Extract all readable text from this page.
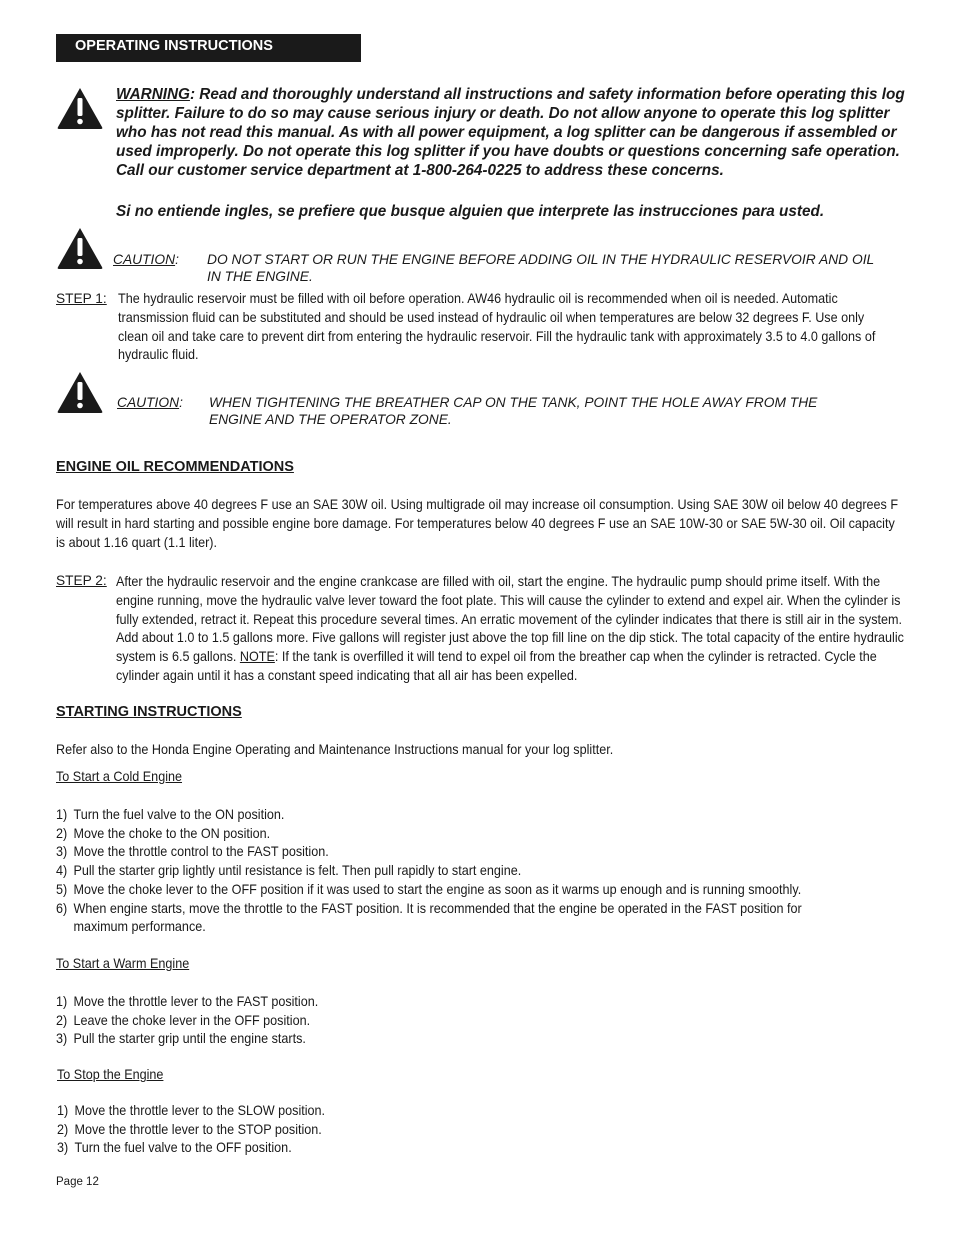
OPERATING INSTRUCTIONS
WARNING: Read and thoroughly understand all instructions and safety information before operating this log splitter. Failure to do so may cause serious injury or death. Do not allow anyone to operate this log splitter who has not read this manual. As with all power equipment, a log splitter can be dangerous if assembled or used improperly. Do not operate this log splitter if you have doubts or questions concerning safe operation. Call our customer service department at 1-800-264-0225 to address these concerns.
Si no entiende ingles, se prefiere que busque alguien que interprete las instrucciones para usted.
CAUTION: DO NOT START OR RUN THE ENGINE BEFORE ADDING OIL IN THE HYDRAULIC RESERVOIR AND OIL IN THE ENGINE.
STEP 1: The hydraulic reservoir must be filled with oil before operation. AW46 hydraulic oil is recommended when oil is needed. Automatic transmission fluid can be substituted and should be used instead of hydraulic oil when temperatures are below 32 degrees F. Use only clean oil and take care to prevent dirt from entering the hydraulic reservoir. Fill the hydraulic tank with approximately 3.5 to 4.0 gallons of hydraulic fluid.
CAUTION: WHEN TIGHTENING THE BREATHER CAP ON THE TANK, POINT THE HOLE AWAY FROM THE ENGINE AND THE OPERATOR ZONE.
ENGINE OIL RECOMMENDATIONS
For temperatures above 40 degrees F use an SAE 30W oil. Using multigrade oil may increase oil consumption. Using SAE 30W oil below 40 degrees F will result in hard starting and possible engine bore damage. For temperatures below 40 degrees F use an SAE 10W-30 or SAE 5W-30 oil. Oil capacity is about 1.16 quart (1.1 liter).
STEP 2: After the hydraulic reservoir and the engine crankcase are filled with oil, start the engine. The hydraulic pump should prime itself. With the engine running, move the hydraulic valve lever toward the foot plate. This will cause the cylinder to extend and expel air. When the cylinder is fully extended, retract it. Repeat this procedure several times. An erratic movement of the cylinder indicates that there is still air in the system. Add about 1.0 to 1.5 gallons more. Five gallons will register just above the top fill line on the dip stick. The total capacity of the entire hydraulic system is 6.5 gallons. NOTE: If the tank is overfilled it will tend to expel oil from the breather cap when the cylinder is retracted. Cycle the cylinder again until it has a constant speed indicating that all air has been expelled.
STARTING INSTRUCTIONS
Refer also to the Honda Engine Operating and Maintenance Instructions manual for your log splitter.
To Start a Cold Engine
1) Turn the fuel valve to the ON position.
2) Move the choke to the ON position.
3) Move the throttle control to the FAST position.
4) Pull the starter grip lightly until resistance is felt. Then pull rapidly to start engine.
5) Move the choke lever to the OFF position if it was used to start the engine as soon as it warms up enough and is running smoothly.
6) When engine starts, move the throttle to the FAST position. It is recommended that the engine be operated in the FAST position for maximum performance.
To Start a Warm Engine
1) Move the throttle lever to the FAST position.
2) Leave the choke lever in the OFF position.
3) Pull the starter grip until the engine starts.
To Stop the Engine
1) Move the throttle lever to the SLOW position.
2) Move the throttle lever to the STOP position.
3) Turn the fuel valve to the OFF position.
Page 12
